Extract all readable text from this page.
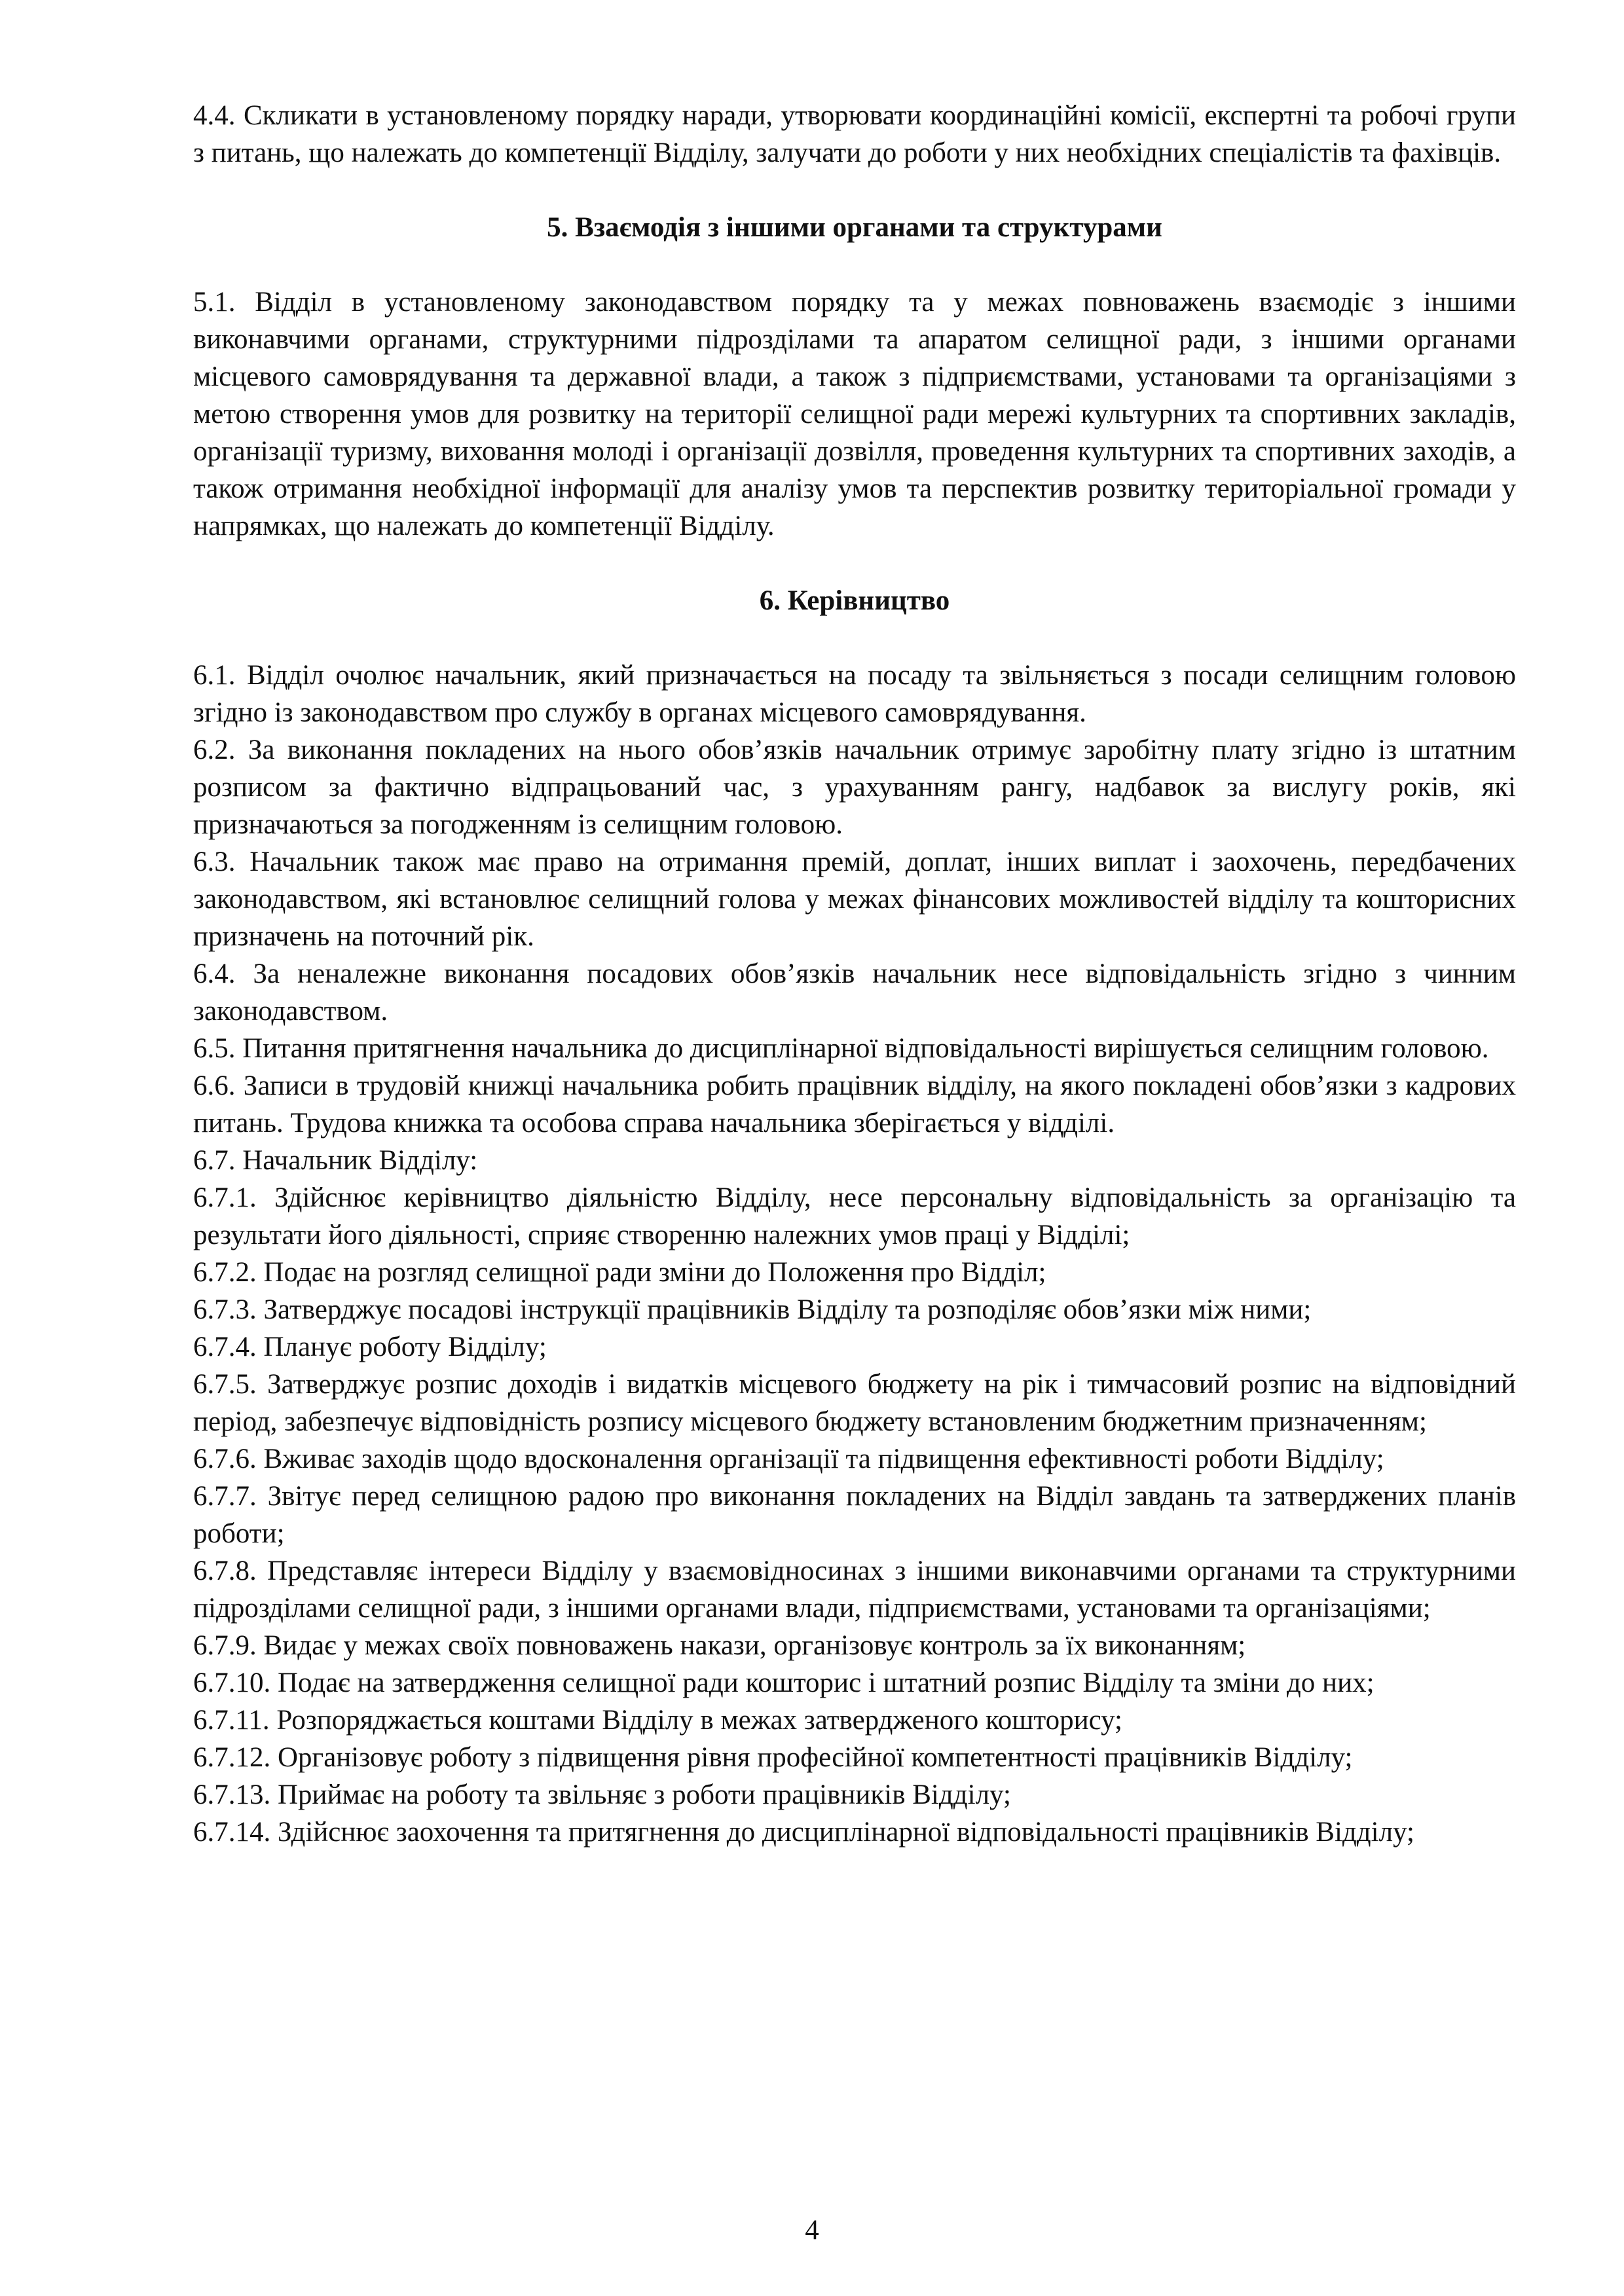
4.4. Скликати в установленому порядку наради, утворювати координаційні комісії, експертні та робочі групи з питань, що належать до компетенції Відділу, залучати до роботи у них необхідних спеціалістів та фахівців.

5. Взаємодія з іншими органами та структурами

5.1. Відділ в установленому законодавством порядку та у межах повноважень взаємодіє з іншими виконавчими органами, структурними підрозділами та апаратом селищної ради, з іншими органами місцевого самоврядування та державної влади, а також з підприємствами, установами та організаціями з метою створення умов для розвитку на території селищної ради мережі культурних та спортивних закладів, організації туризму, виховання молоді і організації дозвілля, проведення культурних та спортивних заходів, а також отримання необхідної інформації для аналізу умов та перспектив розвитку територіальної громади у напрямках, що належать до компетенції Відділу.

6. Керівництво

6.1. Відділ очолює начальник, який призначається на посаду та звільняється з посади селищним головою згідно із законодавством про службу в органах місцевого самоврядування.

6.2. За виконання покладених на нього обов’язків начальник отримує заробітну плату згідно із штатним розписом за фактично відпрацьований час, з урахуванням рангу, надбавок за вислугу років, які призначаються за погодженням із селищним головою.

6.3. Начальник також має право на отримання премій, доплат, інших виплат і заохочень, передбачених законодавством, які встановлює селищний голова у межах фінансових можливостей відділу та кошторисних призначень на поточний рік.

6.4. За неналежне виконання посадових обов’язків начальник несе відповідальність згідно з чинним законодавством.

6.5. Питання притягнення начальника до дисциплінарної відповідальності вирішується селищним головою.

6.6. Записи в трудовій книжці начальника робить працівник відділу, на якого покладені обов’язки з кадрових питань. Трудова книжка та особова справа начальника зберігається у відділі.

6.7. Начальник Відділу:

6.7.1. Здійснює керівництво діяльністю Відділу, несе персональну відповідальність за організацію та результати його діяльності, сприяє створенню належних умов праці у Відділі;

6.7.2. Подає на розгляд селищної ради зміни до Положення про Відділ;

6.7.3. Затверджує посадові інструкції працівників Відділу та розподіляє обов’язки між ними;

6.7.4. Планує роботу Відділу;

6.7.5. Затверджує розпис доходів і видатків місцевого бюджету на рік і тимчасовий розпис на відповідний період, забезпечує відповідність розпису місцевого бюджету встановленим бюджетним призначенням;

6.7.6. Вживає заходів щодо вдосконалення організації та підвищення ефективності роботи Відділу;

6.7.7. Звітує перед селищною радою про виконання покладених на Відділ завдань та затверджених планів роботи;

6.7.8. Представляє інтереси Відділу у взаємовідносинах з іншими виконавчими органами та структурними підрозділами селищної ради, з іншими органами влади, підприємствами, установами та організаціями;

6.7.9. Видає у межах своїх повноважень накази, організовує контроль за їх виконанням;

6.7.10. Подає на затвердження селищної ради кошторис і штатний розпис Відділу та зміни до них;

6.7.11. Розпоряджається коштами Відділу в межах затвердженого кошторису;

6.7.12. Організовує роботу з підвищення рівня професійної компетентності працівників Відділу;

6.7.13. Приймає на роботу та звільняє з роботи працівників Відділу;

6.7.14. Здійснює заохочення та притягнення до дисциплінарної відповідальності працівників Відділу;

4
